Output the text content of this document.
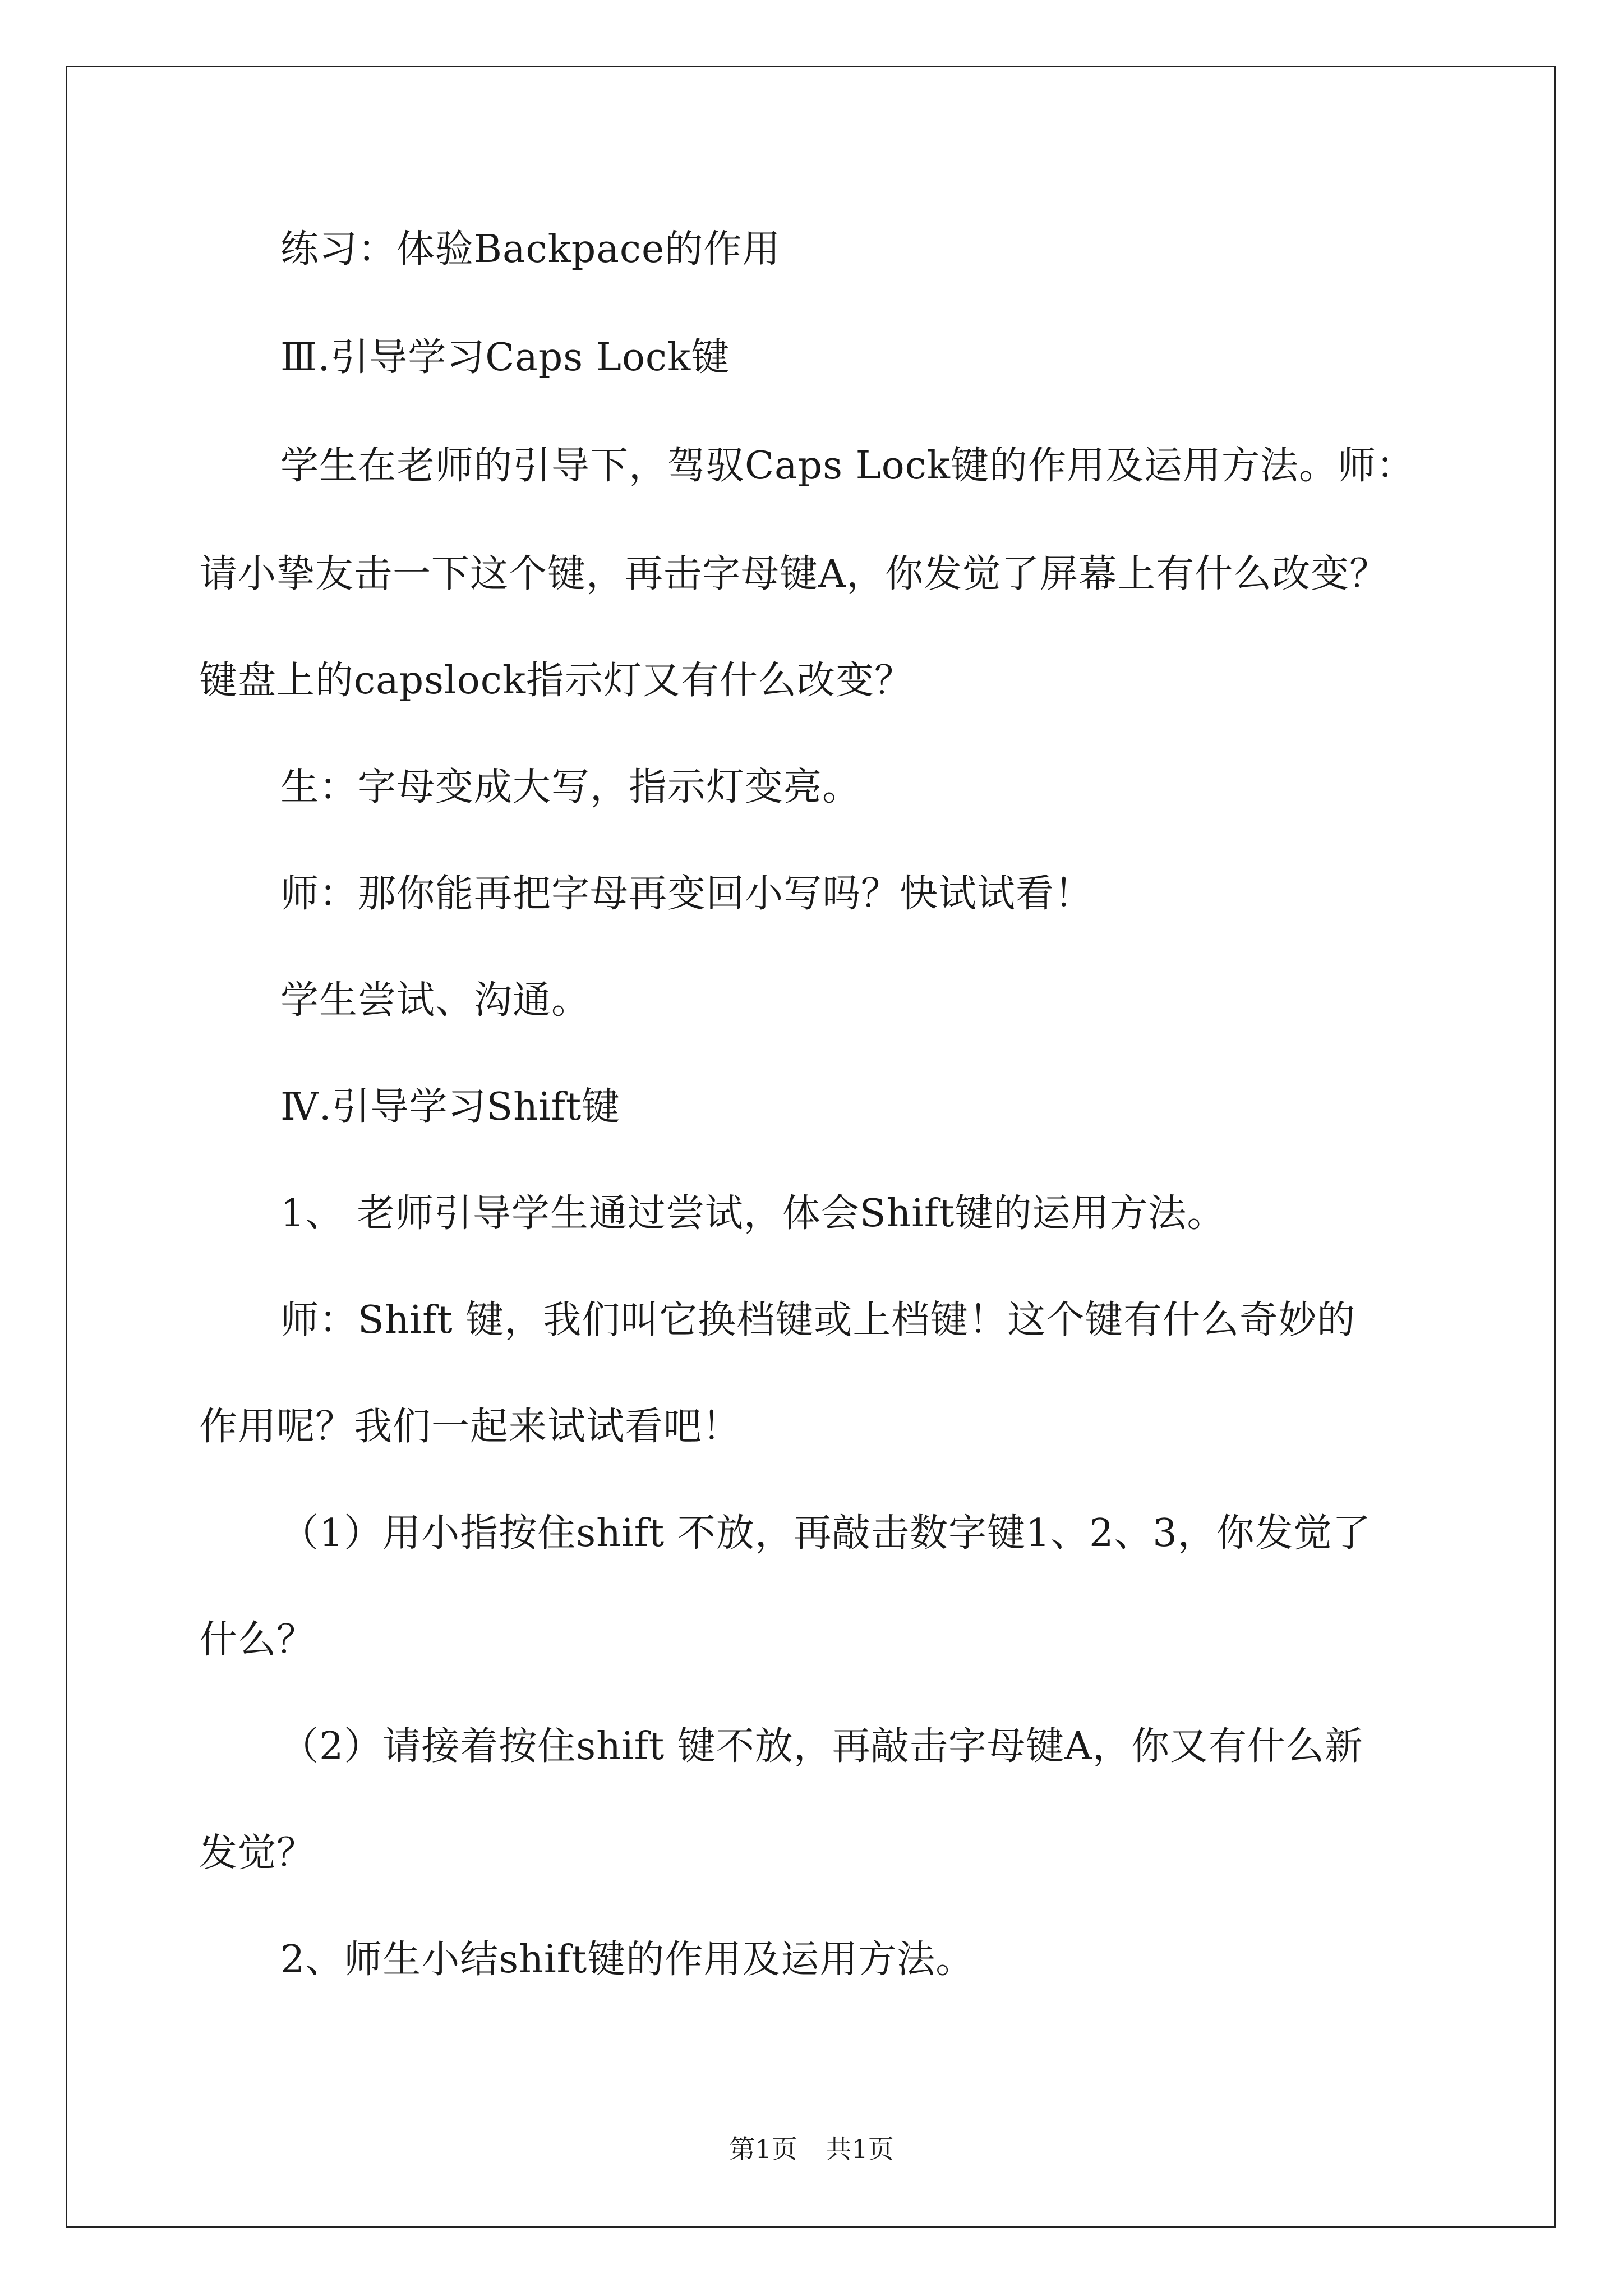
练习：体验Backpace的作用
Ⅲ.引导学习Caps Lock键
学生在老师的引导下，驾驭Caps Lock键的作用及运用方法。师：
请小挚友击一下这个键，再击字母键A，你发觉了屏幕上有什么改变？
键盘上的capslock指示灯又有什么改变？
生：字母变成大写，指示灯变亮。
师：那你能再把字母再变回小写吗？快试试看！
学生尝试、沟通。
Ⅳ.引导学习Shift键
1、 老师引导学生通过尝试，体会Shift键的运用方法。
师：Shift 键，我们叫它换档键或上档键！这个键有什么奇妙的
作用呢？我们一起来试试看吧！
（1）用小指按住shift 不放，再敲击数字键1、2、3，你发觉了
什么？
（2）请接着按住shift 键不放，再敲击字母键A，你又有什么新
发觉？
2、师生小结shift键的作用及运用方法。
第1页 共1页
